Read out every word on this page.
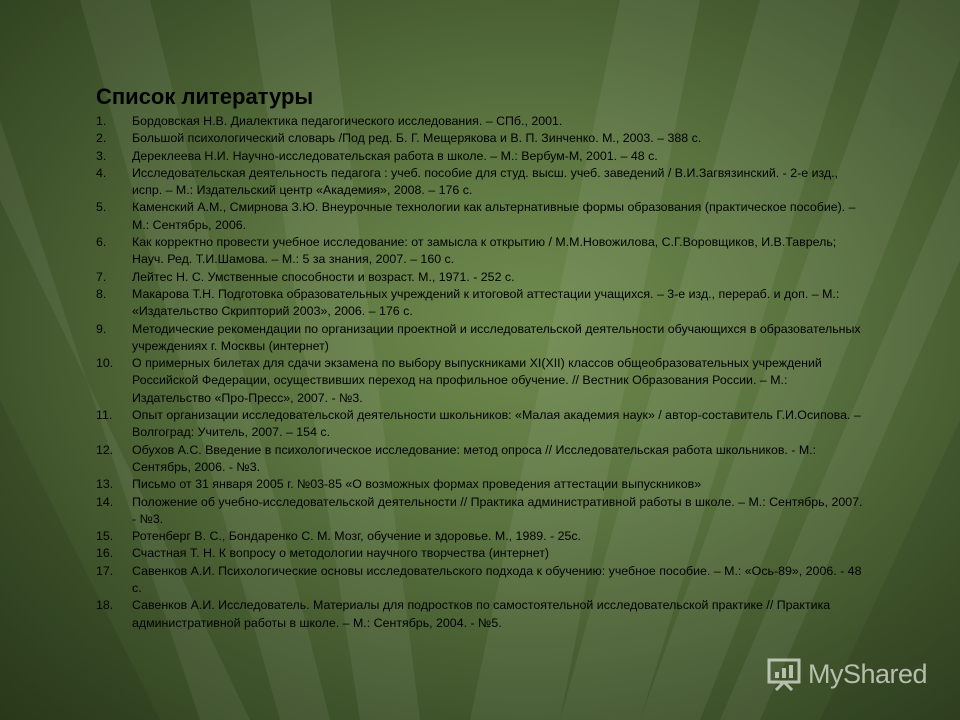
Список литературы
1. Бордовская Н.В. Диалектика педагогического исследования. – СПб., 2001.
2. Большой психологический словарь /Под ред. Б. Г. Мещерякова и В. П. Зинченко. М., 2003. – 388 с.
3. Дереклеева Н.И. Научно-исследовательская работа в школе. – М.: Вербум-М, 2001. – 48 с.
4. Исследовательская деятельность педагога : учеб. пособие для студ. высш. учеб. заведений / В.И.Загвязинский. - 2-е изд., испр. – М.: Издательский центр «Академия», 2008. – 176 с.
5. Каменский А.М., Смирнова З.Ю. Внеурочные технологии как альтернативные формы образования (практическое пособие). – М.: Сентябрь, 2006.
6. Как корректно провести учебное исследование: от замысла к открытию / М.М.Новожилова, С.Г.Воровщиков, И.В.Таврель; Науч. Ред. Т.И.Шамова. – М.: 5 за знания, 2007. – 160 с.
7. Лейтес Н. С. Умственные способности и возраст. М., 1971. - 252 с.
8. Макарова Т.Н. Подготовка образовательных учреждений к итоговой аттестации учащихся. – 3-е изд., перераб. и доп. – М.: «Издательство Скрипторий 2003», 2006. – 176 с.
9. Методические рекомендации по организации проектной и исследовательской деятельности обучающихся в образовательных учреждениях г. Москвы (интернет)
10. О примерных билетах для сдачи экзамена по выбору выпускниками XI(XII) классов общеобразовательных учреждений Российской Федерации, осуществивших переход на профильное обучение. // Вестник Образования России. – М.: Издательство «Про-Пресс», 2007. - №3.
11. Опыт организации исследовательской деятельности школьников: «Малая академия наук» / автор-составитель Г.И.Осипова. – Волгоград: Учитель, 2007. – 154 с.
12. Обухов А.С. Введение в психологическое исследование: метод опроса // Исследовательская работа школьников. - М.: Сентябрь, 2006. - №3.
13. Письмо от 31 января 2005 г. №03-85 «О возможных формах проведения аттестации выпускников»
14. Положение об учебно-исследовательской деятельности // Практика административной работы в школе. – М.: Сентябрь, 2007. - №3.
15. Ротенберг В. С., Бондаренко С. М. Мозг, обучение и здоровье. М., 1989. - 25с.
16. Счастная Т. Н. К вопросу о методологии научного творчества (интернет)
17. Савенков А.И. Психологические основы исследовательского подхода к обучению: учебное пособие. – М.: «Ось-89», 2006. - 48 с.
18. Савенков А.И. Исследователь. Материалы для подростков по самостоятельной исследовательской практике // Практика административной работы в школе. – М.: Сентябрь, 2004. - №5.
MyShared
